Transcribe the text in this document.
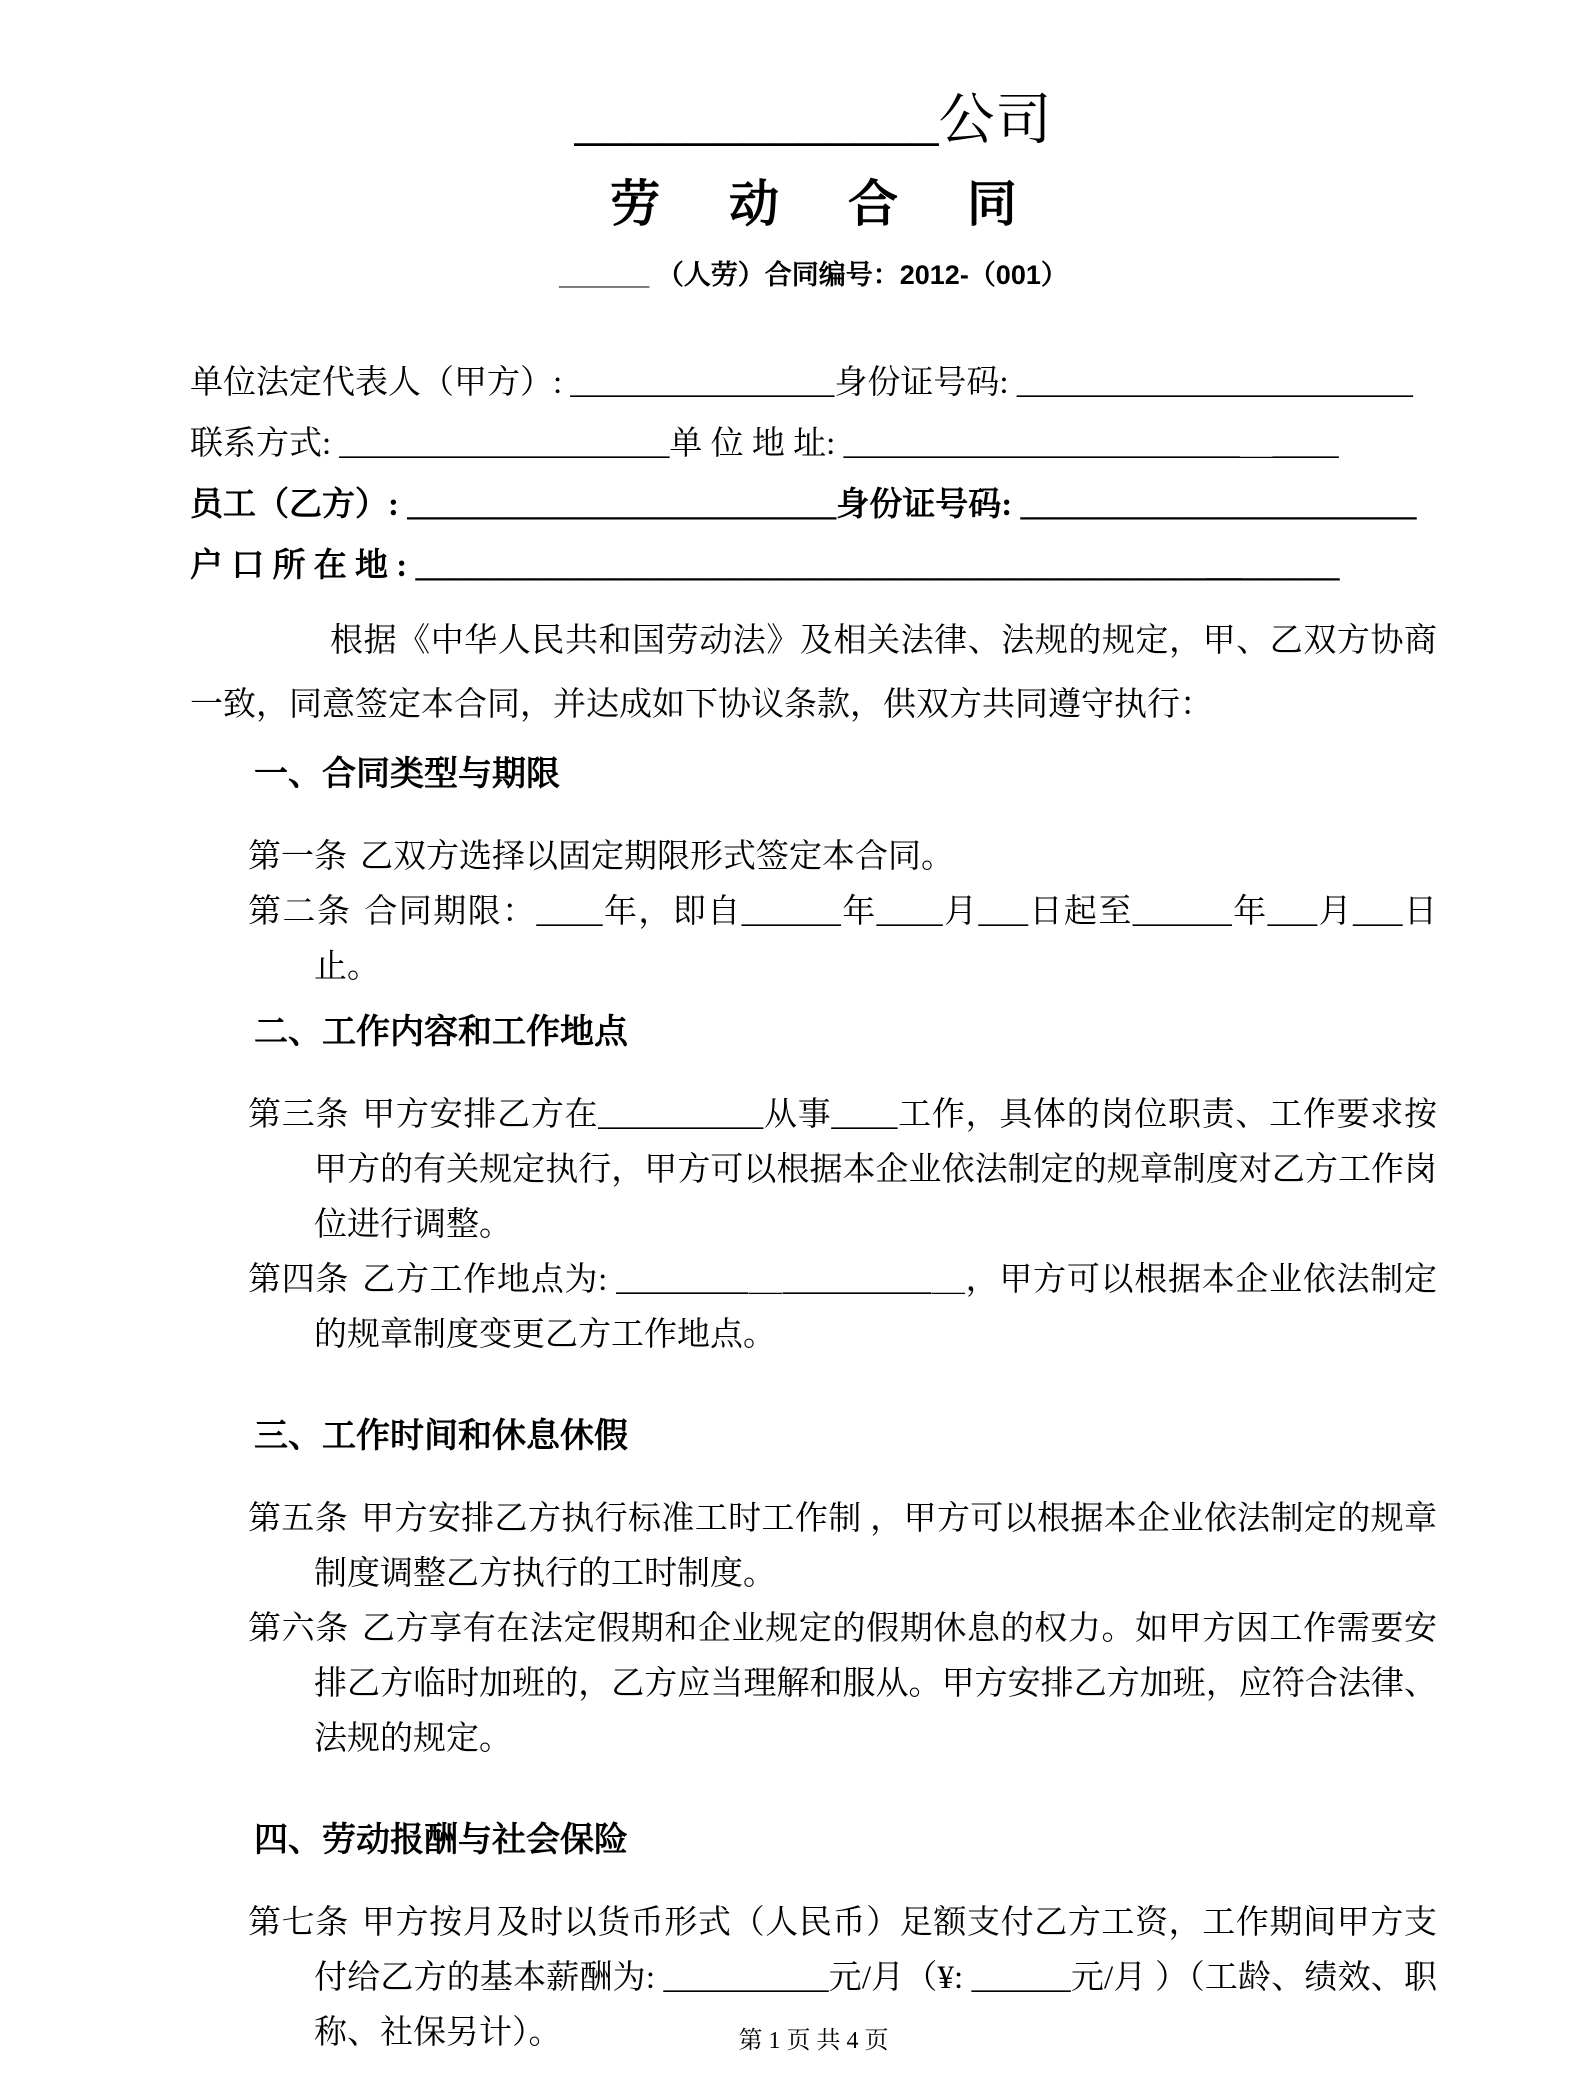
_____________公司
劳 动 合 同
______ （人劳）合同编号：2012-（001）
单位法定代表人（甲方）: ________________身份证号码: ________________________
联系方式: ____________________单 位 地 址: ________________________＿____
员工（乙方）: __________________________身份证号码: ________________________
户 口 所 在 地 : ________________________________________________＿______
根据《中华人民共和国劳动法》及相关法律、法规的规定，甲、乙双方协商一致，同意签定本合同，并达成如下协议条款，供双方共同遵守执行：
一、合同类型与期限
第一条 乙双方选择以固定期限形式签定本合同。
第二条 合同期限：____年，即自______年____月___日起至______年___月___日止。
二、工作内容和工作地点
第三条 甲方安排乙方在__________从事____工作，具体的岗位职责、工作要求按甲方的有关规定执行，甲方可以根据本企业依法制定的规章制度对乙方工作岗位进行调整。
第四条 乙方工作地点为: ________＿_________＿，甲方可以根据本企业依法制定的规章制度变更乙方工作地点。
三、工作时间和休息休假
第五条 甲方安排乙方执行标准工时工作制 ，甲方可以根据本企业依法制定的规章制度调整乙方执行的工时制度。
第六条 乙方享有在法定假期和企业规定的假期休息的权力。如甲方因工作需要安排乙方临时加班的，乙方应当理解和服从。甲方安排乙方加班，应符合法律、法规的规定。
四、劳动报酬与社会保险
第七条 甲方按月及时以货币形式（人民币）足额支付乙方工资，工作期间甲方支付给乙方的基本薪酬为: __________元/月（¥: ______元/月 ）（工龄、绩效、职称、社保另计）。	第 1 页 共 4 页
